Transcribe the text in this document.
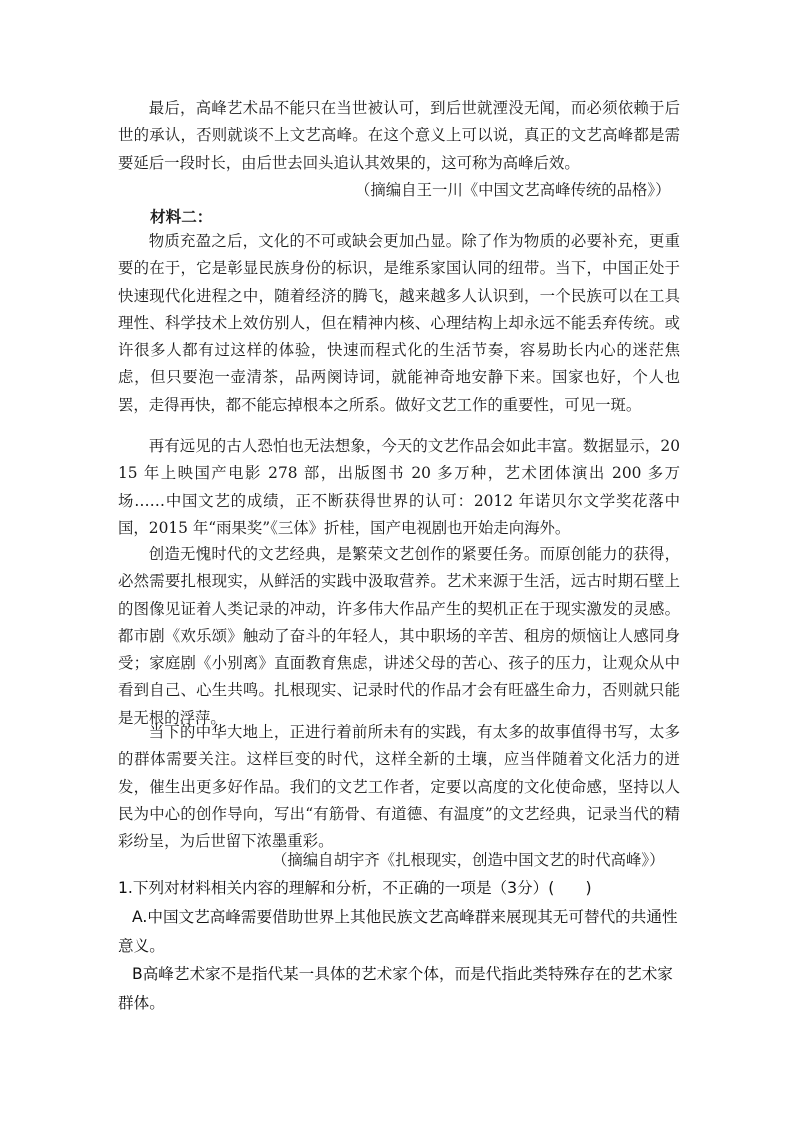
最后，高峰艺术品不能只在当世被认可，到后世就湮没无闻，而必须依赖于后世的承认，否则就谈不上文艺高峰。在这个意义上可以说，真正的文艺高峰都是需要延后一段时长，由后世去回头追认其效果的，这可称为高峰后效。

（摘编自王一川《中国文艺高峰传统的品格》）

材料二：

物质充盈之后，文化的不可或缺会更加凸显。除了作为物质的必要补充，更重要的在于，它是彰显民族身份的标识，是维系家国认同的纽带。当下，中国正处于快速现代化进程之中，随着经济的腾飞，越来越多人认识到，一个民族可以在工具理性、科学技术上效仿别人，但在精神内核、心理结构上却永远不能丢弃传统。或许很多人都有过这样的体验，快速而程式化的生活节奏，容易助长内心的迷茫焦虑，但只要泡一壶清茶，品两阕诗词，就能神奇地安静下来。国家也好，个人也罢，走得再快，都不能忘掉根本之所系。做好文艺工作的重要性，可见一斑。

再有远见的古人恐怕也无法想象，今天的文艺作品会如此丰富。数据显示，2015 年上映国产电影 278 部，出版图书 20 多万种，艺术团体演出 200 多万场……中国文艺的成绩，正不断获得世界的认可：2012 年诺贝尔文学奖花落中国，2015 年“雨果奖”《三体》折桂，国产电视剧也开始走向海外。

创造无愧时代的文艺经典，是繁荣文艺创作的紧要任务。而原创能力的获得，必然需要扎根现实，从鲜活的实践中汲取营养。艺术来源于生活，远古时期石壁上的图像见证着人类记录的冲动，许多伟大作品产生的契机正在于现实激发的灵感。都市剧《欢乐颂》触动了奋斗的年轻人，其中职场的辛苦、租房的烦恼让人感同身受；家庭剧《小别离》直面教育焦虑，讲述父母的苦心、孩子的压力，让观众从中看到自己、心生共鸣。扎根现实、记录时代的作品才会有旺盛生命力，否则就只能是无根的浮萍。

当下的中华大地上，正进行着前所未有的实践，有太多的故事值得书写，太多的群体需要关注。这样巨变的时代，这样全新的土壤，应当伴随着文化活力的迸发，催生出更多好作品。我们的文艺工作者，定要以高度的文化使命感，坚持以人民为中心的创作导向，写出“有筋骨、有道德、有温度”的文艺经典，记录当代的精彩纷呈，为后世留下浓墨重彩。

（摘编自胡宇齐《扎根现实，创造中国文艺的时代高峰》）

1.下列对材料相关内容的理解和分析，不正确的一项是（3分）(　　)

A.中国文艺高峰需要借助世界上其他民族文艺高峰群来展现其无可替代的共通性意义。

B高峰艺术家不是指代某一具体的艺术家个体，而是代指此类特殊存在的艺术家群体。
